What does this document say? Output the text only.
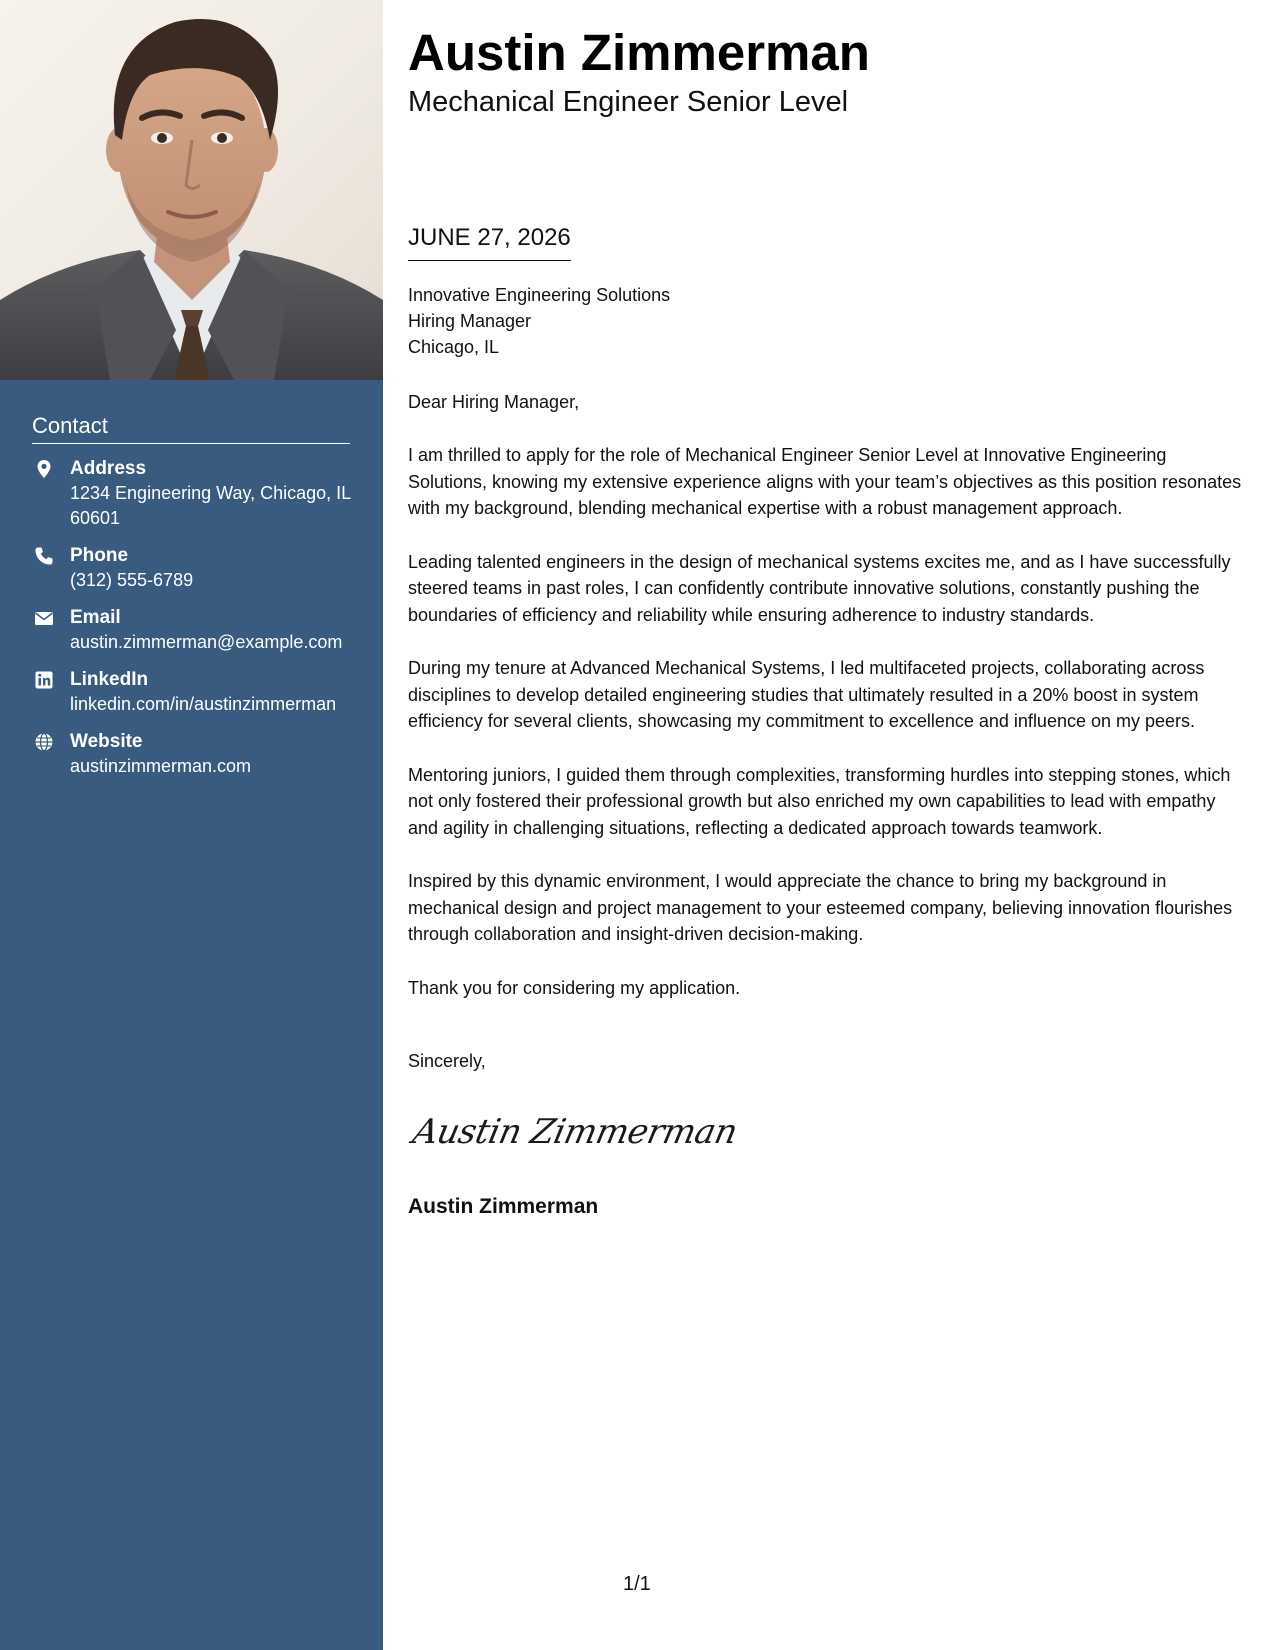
Contact
Address
1234 Engineering Way, Chicago, IL 60601
Phone
(312) 555-6789
Email
austin.zimmerman@example.com
LinkedIn
linkedin.com/in/austinzimmerman
Website
austinzimmerman.com
Austin Zimmerman
Mechanical Engineer Senior Level
JUNE 27, 2026
Innovative Engineering Solutions
Hiring Manager
Chicago, IL

Dear Hiring Manager,

I am thrilled to apply for the role of Mechanical Engineer Senior Level at Innovative Engineering Solutions, knowing my extensive experience aligns with your team’s objectives as this position resonates with my background, blending mechanical expertise with a robust management approach.

Leading talented engineers in the design of mechanical systems excites me, and as I have successfully steered teams in past roles, I can confidently contribute innovative solutions, constantly pushing the boundaries of efficiency and reliability while ensuring adherence to industry standards.

During my tenure at Advanced Mechanical Systems, I led multifaceted projects, collaborating across disciplines to develop detailed engineering studies that ultimately resulted in a 20% boost in system efficiency for several clients, showcasing my commitment to excellence and influence on my peers.

Mentoring juniors, I guided them through complexities, transforming hurdles into stepping stones, which not only fostered their professional growth but also enriched my own capabilities to lead with empathy and agility in challenging situations, reflecting a dedicated approach towards teamwork.

Inspired by this dynamic environment, I would appreciate the chance to bring my background in mechanical design and project management to your esteemed company, believing innovation flourishes through collaboration and insight-driven decision-making.

Thank you for considering my application.

Sincerely,

Austin Zimmerman

Austin Zimmerman

1/1
